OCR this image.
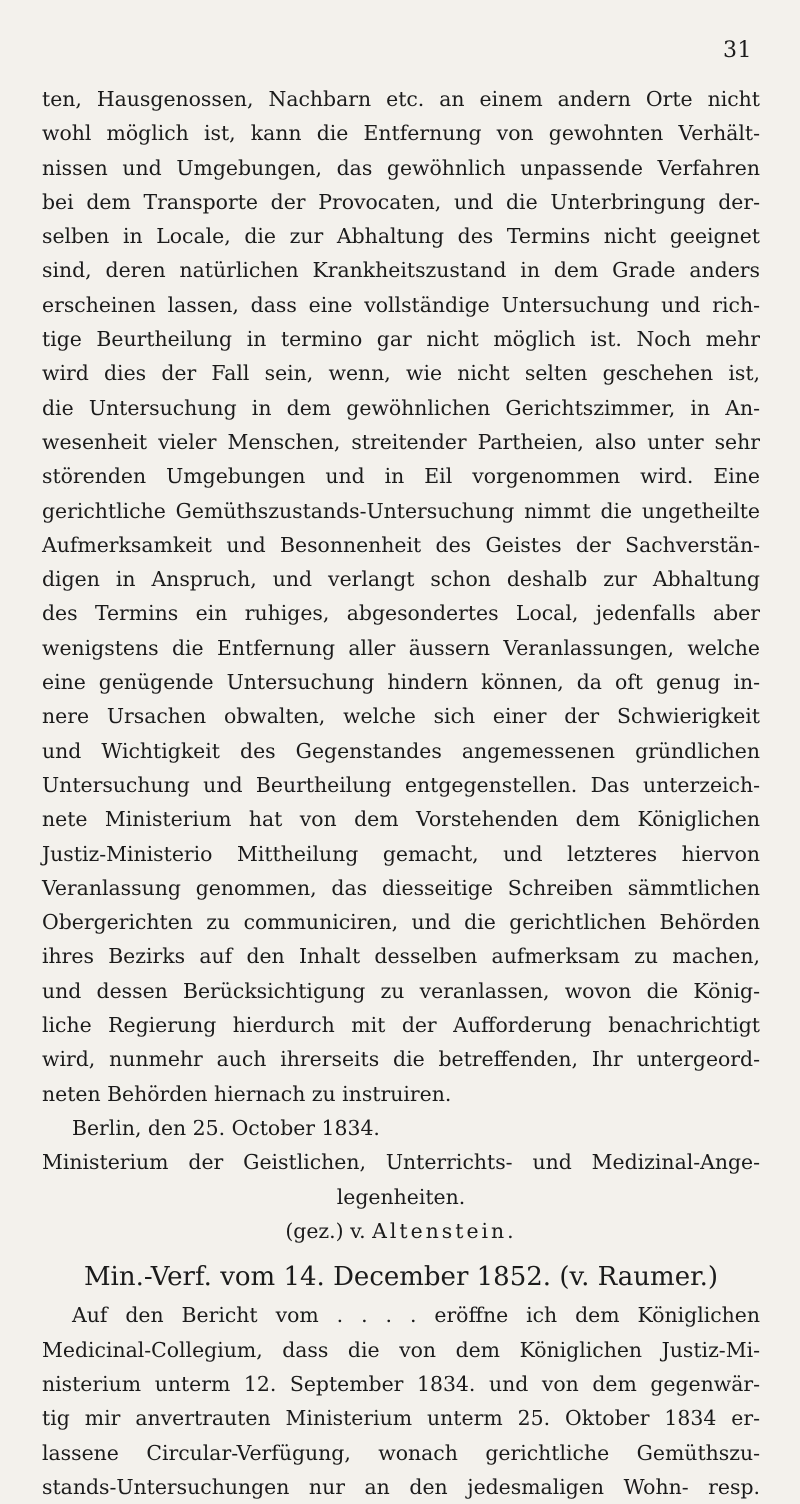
31
ten, Hausgenossen, Nachbarn etc. an einem andern Orte nicht
wohl möglich ist, kann die Entfernung von gewohnten Verhält-
nissen und Umgebungen, das gewöhnlich unpassende Verfahren
bei dem Transporte der Provocaten, und die Unterbringung der-
selben in Locale, die zur Abhaltung des Termins nicht geeignet
sind, deren natürlichen Krankheitszustand in dem Grade anders
erscheinen lassen, dass eine vollständige Untersuchung und rich-
tige Beurtheilung in termino gar nicht möglich ist. Noch mehr
wird dies der Fall sein, wenn, wie nicht selten geschehen ist,
die Untersuchung in dem gewöhnlichen Gerichtszimmer, in An-
wesenheit vieler Menschen, streitender Partheien, also unter sehr
störenden Umgebungen und in Eil vorgenommen wird. Eine
gerichtliche Gemüthszustands-Untersuchung nimmt die ungetheilte
Aufmerksamkeit und Besonnenheit des Geistes der Sachverstän-
digen in Anspruch, und verlangt schon deshalb zur Abhaltung
des Termins ein ruhiges, abgesondertes Local, jedenfalls aber
wenigstens die Entfernung aller äussern Veranlassungen, welche
eine genügende Untersuchung hindern können, da oft genug in-
nere Ursachen obwalten, welche sich einer der Schwierigkeit
und Wichtigkeit des Gegenstandes angemessenen gründlichen
Untersuchung und Beurtheilung entgegenstellen. Das unterzeich-
nete Ministerium hat von dem Vorstehenden dem Königlichen
Justiz-Ministerio Mittheilung gemacht, und letzteres hiervon
Veranlassung genommen, das diesseitige Schreiben sämmtlichen
Obergerichten zu communiciren, und die gerichtlichen Behörden
ihres Bezirks auf den Inhalt desselben aufmerksam zu machen,
und dessen Berücksichtigung zu veranlassen, wovon die König-
liche Regierung hierdurch mit der Aufforderung benachrichtigt
wird, nunmehr auch ihrerseits die betreffenden, Ihr untergeord-
neten Behörden hiernach zu instruiren.
Berlin, den 25. October 1834.
Ministerium der Geistlichen, Unterrichts- und Medizinal-Ange-
legenheiten.
(gez.) v. Altenstein.
Min.-Verf. vom 14. December 1852. (v. Raumer.)
Auf den Bericht vom . . . . eröffne ich dem Königlichen
Medicinal-Collegium, dass die von dem Königlichen Justiz-Mi-
nisterium unterm 12. September 1834. und von dem gegenwär-
tig mir anvertrauten Ministerium unterm 25. Oktober 1834 er-
lassene Circular-Verfügung, wonach gerichtliche Gemüthszu-
stands-Untersuchungen nur an den jedesmaligen Wohn- resp.
